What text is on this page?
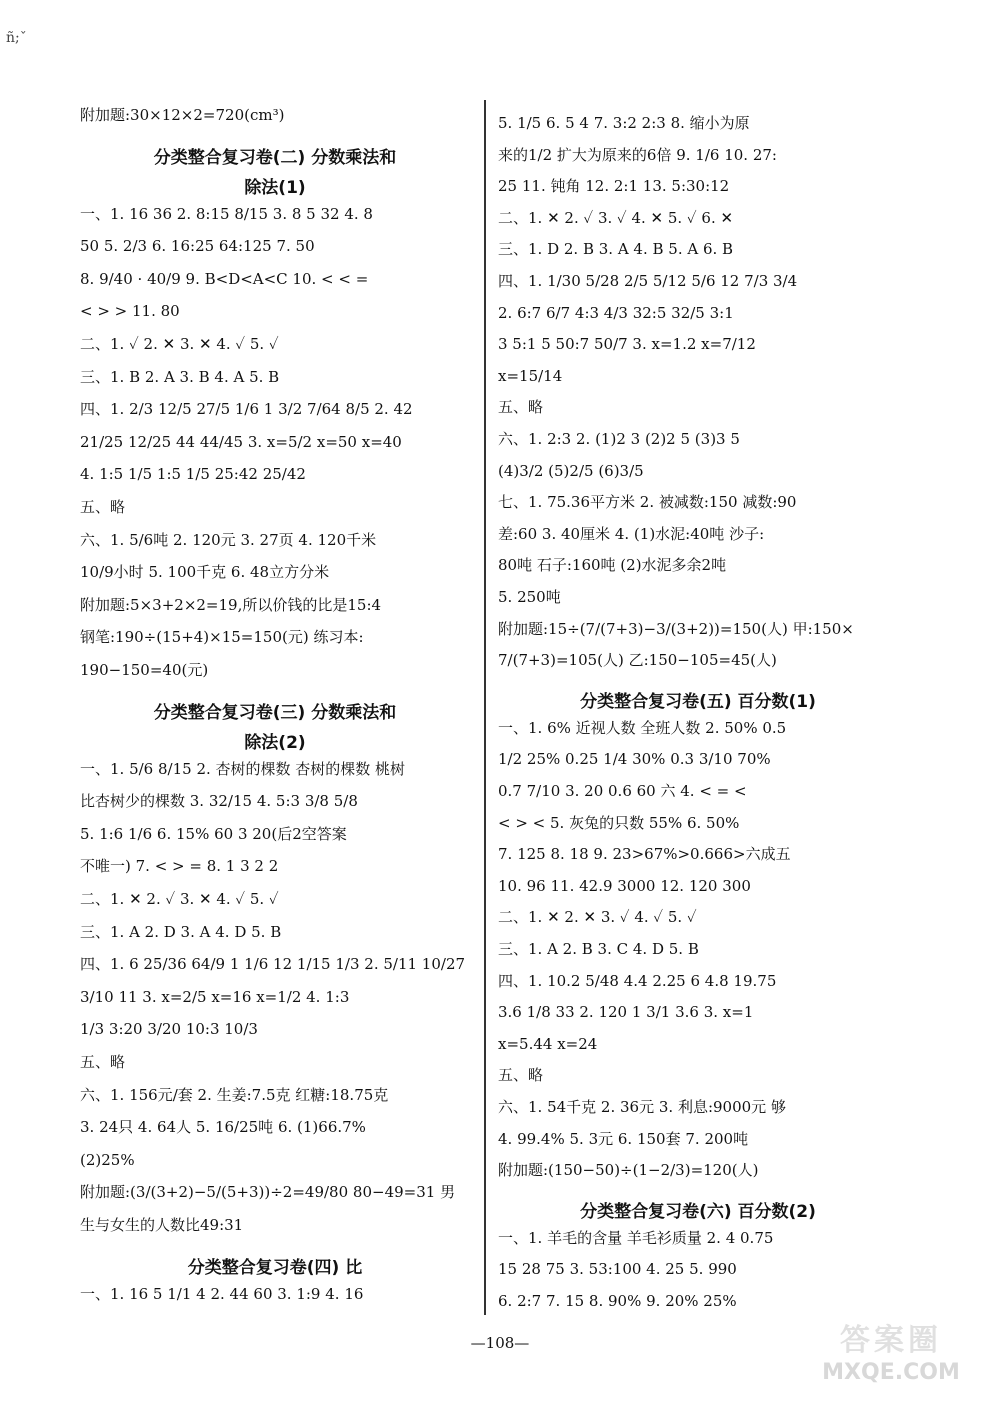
ñ;ˇ
附加题:30×12×2=720(cm³)
分类整合复习卷(二) 分数乘法和
除法(1)
一、1. 16 36 2. 8:15 8/15 3. 8 5 32 4. 8
50 5. 2/3 6. 16:25 64:125 7. 50
8. 9/40 · 40/9 9. B<D<A<C 10. < < =
< > > 11. 80
二、1. ✓ 2. ✕ 3. ✕ 4. ✓ 5. ✓
三、1. B 2. A 3. B 4. A 5. B
四、1. 2/3 12/5 27/5 1/6 1 3/2 7/64 8/5 2. 42
21/25 12/25 44 44/45 3. x=5/2 x=50 x=40
4. 1:5 1/5 1:5 1/5 25:42 25/42
五、略
六、1. 5/6吨 2. 120元 3. 27页 4. 120千米
10/9小时 5. 100千克 6. 48立方分米
附加题:5×3+2×2=19,所以价钱的比是15:4
钢笔:190÷(15+4)×15=150(元) 练习本:
190−150=40(元)
分类整合复习卷(三) 分数乘法和
除法(2)
一、1. 5/6 8/15 2. 杏树的棵数 杏树的棵数 桃树
比杏树少的棵数 3. 32/15 4. 5:3 3/8 5/8
5. 1:6 1/6 6. 15% 60 3 20(后2空答案
不唯一) 7. < > = 8. 1 3 2 2
二、1. ✕ 2. ✓ 3. ✕ 4. ✓ 5. ✓
三、1. A 2. D 3. A 4. D 5. B
四、1. 6 25/36 64/9 1 1/6 12 1/15 1/3 2. 5/11 10/27
3/10 11 3. x=2/5 x=16 x=1/2 4. 1:3
1/3 3:20 3/20 10:3 10/3
五、略
六、1. 156元/套 2. 生姜:7.5克 红糖:18.75克
3. 24只 4. 64人 5. 16/25吨 6. (1)66.7%
(2)25%
附加题:(3/(3+2)−5/(5+3))÷2=49/80 80−49=31 男
生与女生的人数比49:31
分类整合复习卷(四) 比
一、1. 16 5 1/1 4 2. 44 60 3. 1:9 4. 16
5. 1/5 6. 5 4 7. 3:2 2:3 8. 缩小为原
来的1/2 扩大为原来的6倍 9. 1/6 10. 27:
25 11. 钝角 12. 2:1 13. 5:30:12
二、1. ✕ 2. ✓ 3. ✓ 4. ✕ 5. ✓ 6. ✕
三、1. D 2. B 3. A 4. B 5. A 6. B
四、1. 1/30 5/28 2/5 5/12 5/6 12 7/3 3/4
2. 6:7 6/7 4:3 4/3 32:5 32/5 3:1
3 5:1 5 50:7 50/7 3. x=1.2 x=7/12
x=15/14
五、略
六、1. 2:3 2. (1)2 3 (2)2 5 (3)3 5
(4)3/2 (5)2/5 (6)3/5
七、1. 75.36平方米 2. 被减数:150 减数:90
差:60 3. 40厘米 4. (1)水泥:40吨 沙子:
80吨 石子:160吨 (2)水泥多余2吨
5. 250吨
附加题:15÷(7/(7+3)−3/(3+2))=150(人) 甲:150×
7/(7+3)=105(人) 乙:150−105=45(人)
分类整合复习卷(五) 百分数(1)
一、1. 6% 近视人数 全班人数 2. 50% 0.5
1/2 25% 0.25 1/4 30% 0.3 3/10 70%
0.7 7/10 3. 20 0.6 60 六 4. < = <
< > < 5. 灰兔的只数 55% 6. 50%
7. 125 8. 18 9. 23>67%>0.666>六成五
10. 96 11. 42.9 3000 12. 120 300
二、1. ✕ 2. ✕ 3. ✓ 4. ✓ 5. ✓
三、1. A 2. B 3. C 4. D 5. B
四、1. 10.2 5/48 4.4 2.25 6 4.8 19.75
3.6 1/8 33 2. 120 1 3/1 3.6 3. x=1
x=5.44 x=24
五、略
六、1. 54千克 2. 36元 3. 利息:9000元 够
4. 99.4% 5. 3元 6. 150套 7. 200吨
附加题:(150−50)÷(1−2/3)=120(人)
分类整合复习卷(六) 百分数(2)
一、1. 羊毛的含量 羊毛衫质量 2. 4 0.75
15 28 75 3. 53:100 4. 25 5. 990
6. 2:7 7. 15 8. 90% 9. 20% 25%
—108—	答案圈
MXQE.COM
